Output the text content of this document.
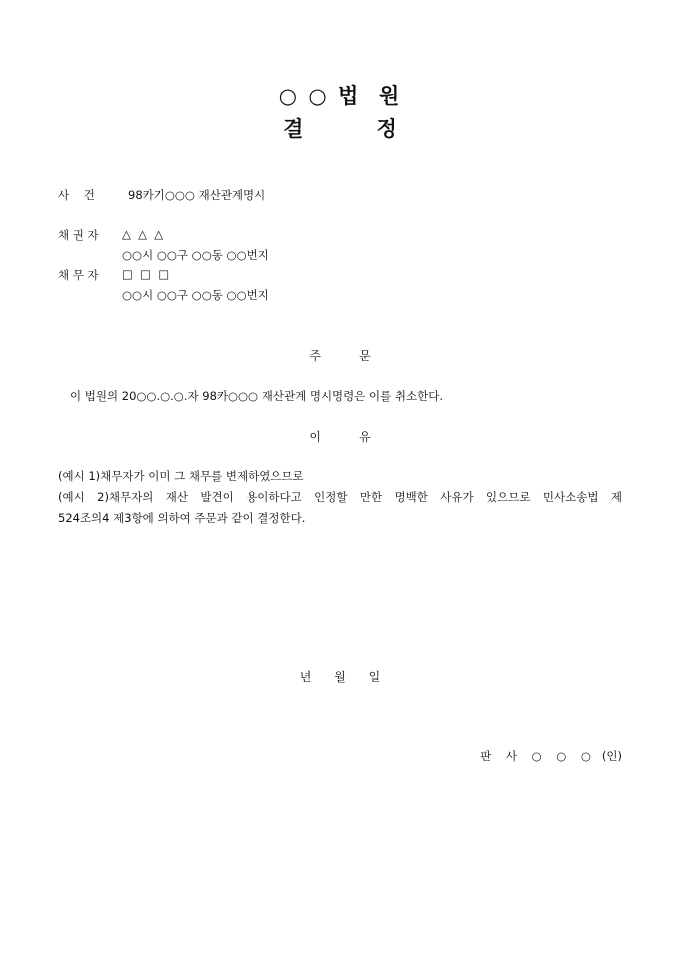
○ ○ 법  원
결          정
사    건	98카기○○○ 재산관계명시
채 권 자 △  △  △
○○시 ○○구 ○○동 ○○번지
채 무 자 □  □  □
○○시 ○○구 ○○동 ○○번지
주          문
이 법원의 20○○.○.○.자 98카○○○ 재산관계 명시명령은 이를 취소한다.
이          유
(예시 1)채무자가 이미 그 채무를 변제하였으므로
(예시 2)채무자의 재산 발견이 용이하다고 인정할 만한 명백한 사유가 있으므로 민사소송법 제
524조의4 제3항에 의하여 주문과 같이 결정한다.
년      월      일
판    사    ○    ○    ○   (인)
